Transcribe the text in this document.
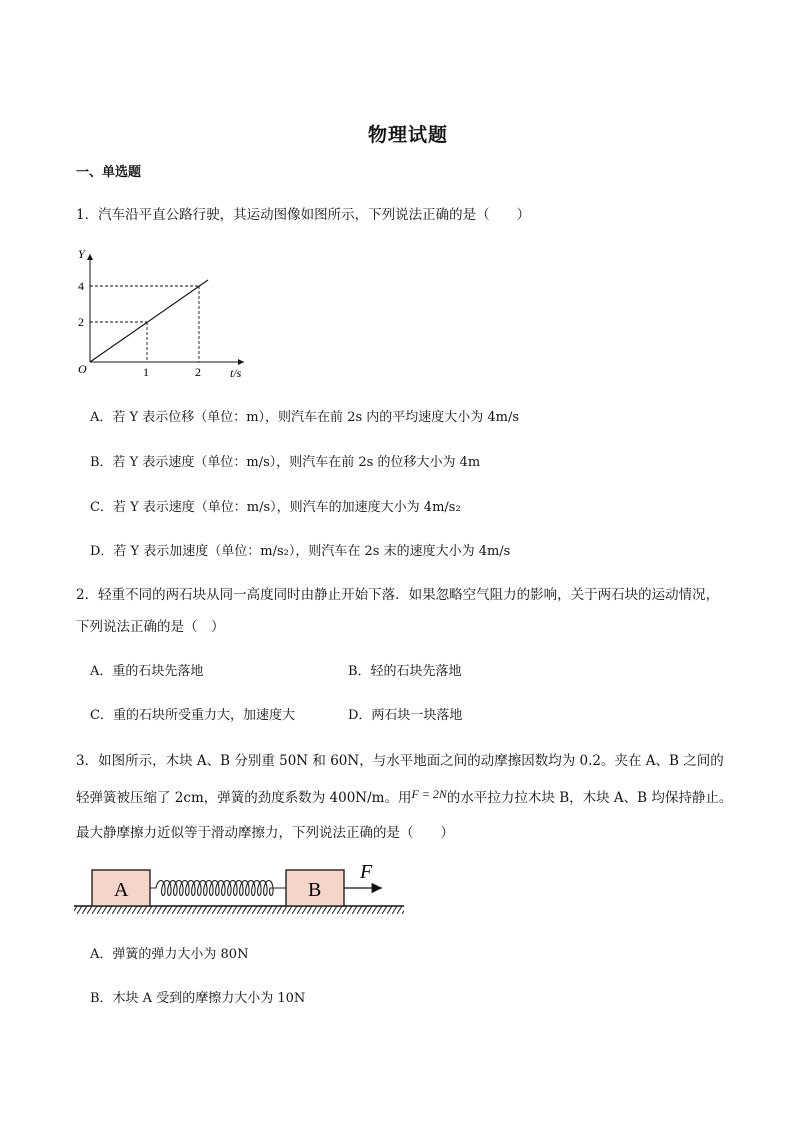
物理试题
一、单选题
1．汽车沿平直公路行驶，其运动图像如图所示，下列说法正确的是（　　）
Y
t/s
O	1	2
2
4
A．若 Y 表示位移（单位：m），则汽车在前 2s 内的平均速度大小为 4m/s
B．若 Y 表示速度（单位：m/s），则汽车在前 2s 的位移大小为 4m
C．若 Y 表示速度（单位：m/s），则汽车的加速度大小为 4m/s₂
D．若 Y 表示加速度（单位：m/s₂），则汽车在 2s 末的速度大小为 4m/s
2．轻重不同的两石块从同一高度同时由静止开始下落．如果忽略空气阻力的影响，关于两石块的运动情况，
下列说法正确的是（　）
A．重的石块先落地	B．轻的石块先落地
C．重的石块所受重力大，加速度大	D．两石块一块落地
3．如图所示，木块 A、B 分别重 50N 和 60N，与水平地面之间的动摩擦因数均为 0.2。夹在 A、B 之间的
轻弹簧被压缩了 2cm，弹簧的劲度系数为 400N/m。用F = 2N的水平拉力拉木块 B，木块 A、B 均保持静止。
最大静摩擦力近似等于滑动摩擦力，下列说法正确的是（　　）
A	B
F
A．弹簧的弹力大小为 80N
B．木块 A 受到的摩擦力大小为 10N
